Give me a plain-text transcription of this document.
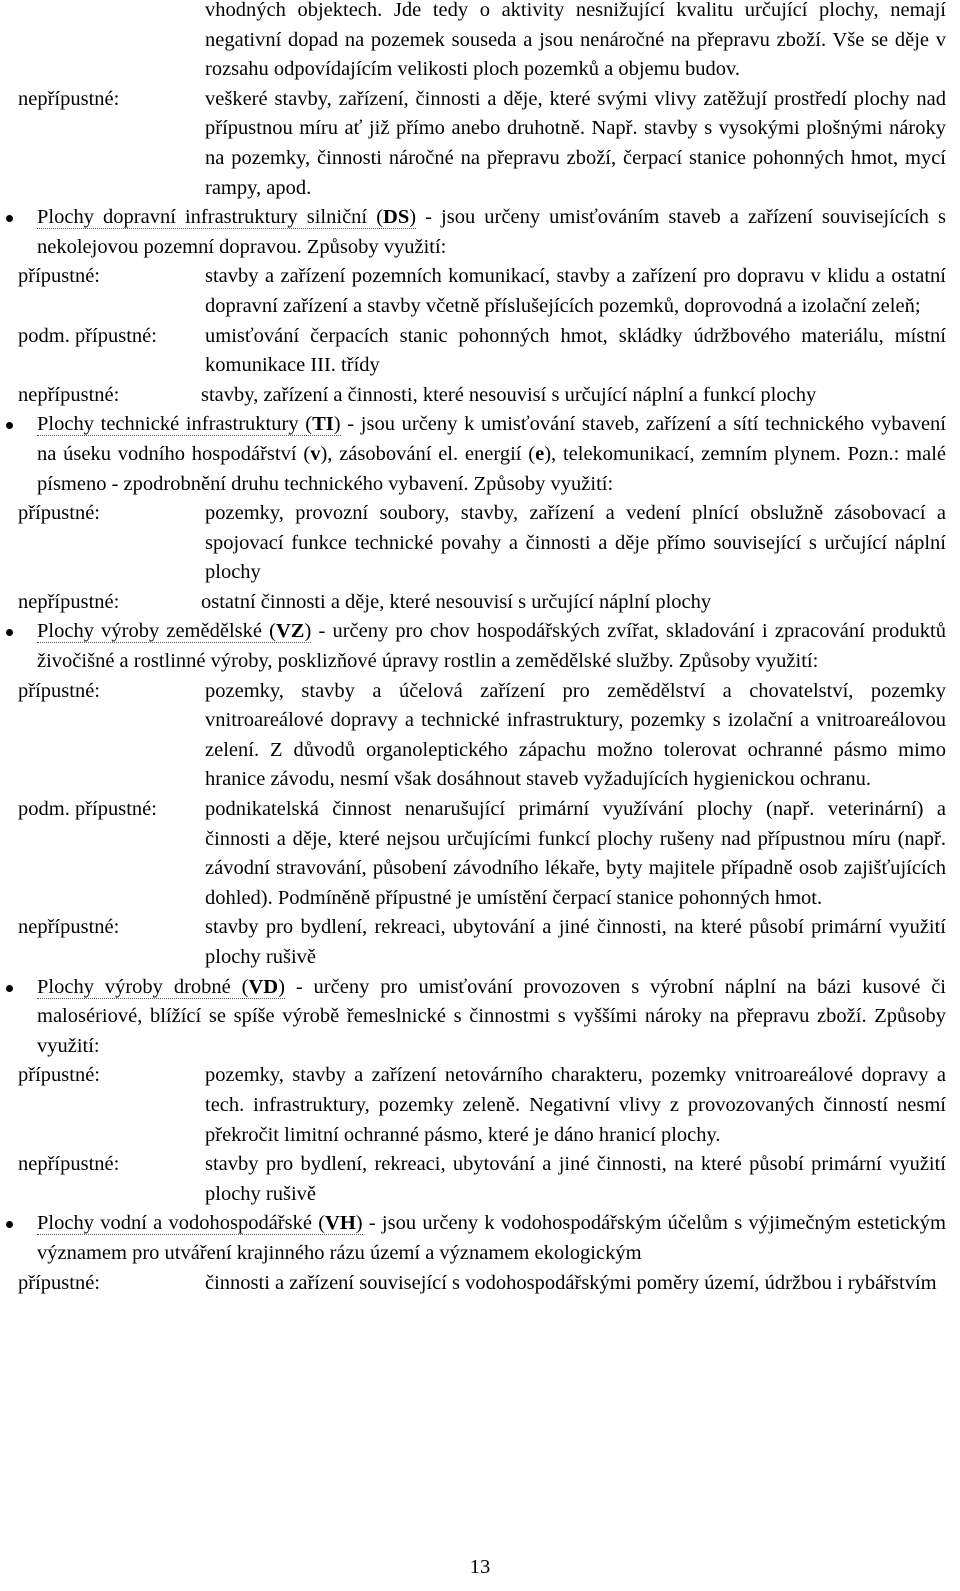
vhodných objektech. Jde tedy o aktivity nesnižující kvalitu určující plochy, nemají negativní dopad na pozemek souseda a jsou nenáročné na přepravu zboží. Vše se děje v rozsahu odpovídajícím velikosti ploch pozemků a objemu budov.
nepřípustné:	veškeré stavby, zařízení, činnosti a děje, které svými vlivy zatěžují prostředí plochy nad přípustnou míru ať již přímo anebo druhotně. Např. stavby s vysokými plošnými nároky na pozemky, činnosti náročné na přepravu zboží, čerpací stanice pohonných hmot, mycí rampy, apod.
Plochy dopravní infrastruktury silniční (DS) - jsou určeny umisťováním staveb a zařízení souvisejících s nekolejovou pozemní dopravou. Způsoby využití:
přípustné:	stavby a zařízení pozemních komunikací, stavby a zařízení pro dopravu v klidu a ostatní dopravní zařízení a stavby včetně příslušejících pozemků, doprovodná a izolační zeleň;
podm. přípustné: umisťování čerpacích stanic pohonných hmot, skládky údržbového materiálu, místní komunikace III. třídy
nepřípustné:	stavby, zařízení a činnosti, které nesouvisí s určující náplní a funkcí plochy
Plochy technické infrastruktury (TI) - jsou určeny k umisťování staveb, zařízení a sítí technického vybavení na úseku vodního hospodářství (v), zásobování el. energií (e), telekomunikací, zemním plynem. Pozn.: malé písmeno - zpodrobnění druhu technického vybavení. Způsoby využití:
přípustné:	pozemky, provozní soubory, stavby, zařízení a vedení plnící obslužně zásobovací a spojovací funkce technické povahy a činnosti a děje přímo související s určující náplní plochy
nepřípustné:	ostatní činnosti a děje, které nesouvisí s určující náplní plochy
Plochy výroby zemědělské (VZ) - určeny pro chov hospodářských zvířat, skladování i zpracování produktů živočišné a rostlinné výroby, posklizňové úpravy rostlin a zemědělské služby. Způsoby využití:
přípustné:	pozemky, stavby a účelová zařízení pro zemědělství a chovatelství, pozemky vnitroareálové dopravy a technické infrastruktury, pozemky s izolační a vnitroareálovou zelení. Z důvodů organoleptického zápachu možno tolerovat ochranné pásmo mimo hranice závodu, nesmí však dosáhnout staveb vyžadujících hygienickou ochranu.
podm. přípustné: podnikatelská činnost nenarušující primární využívání plochy (např. veterinární) a činnosti a děje, které nejsou určujícími funkcí plochy rušeny nad přípustnou míru (např. závodní stravování, působení závodního lékaře, byty majitele případně osob zajišťujících dohled). Podmíněně přípustné je umístění čerpací stanice pohonných hmot.
nepřípustné:	stavby pro bydlení, rekreaci, ubytování a jiné činnosti, na které působí primární využití plochy rušivě
Plochy výroby drobné (VD) - určeny pro umisťování provozoven s výrobní náplní na bázi kusové či malosériové, blížící se spíše výrobě řemeslnické s činnostmi s vyššími nároky na přepravu zboží. Způsoby využití:
přípustné:	pozemky, stavby a zařízení netovárního charakteru, pozemky vnitroareálové dopravy a tech. infrastruktury, pozemky zeleně. Negativní vlivy z provozovaných činností nesmí překročit limitní ochranné pásmo, které je dáno hranicí plochy.
nepřípustné:	stavby pro bydlení, rekreaci, ubytování a jiné činnosti, na které působí primární využití plochy rušivě
Plochy vodní a vodohospodářské (VH) - jsou určeny k vodohospodářským účelům s výjimečným estetickým významem pro utváření krajinného rázu území a významem ekologickým
přípustné:	činnosti a zařízení související s vodohospodářskými poměry území, údržbou i rybářstvím
13
